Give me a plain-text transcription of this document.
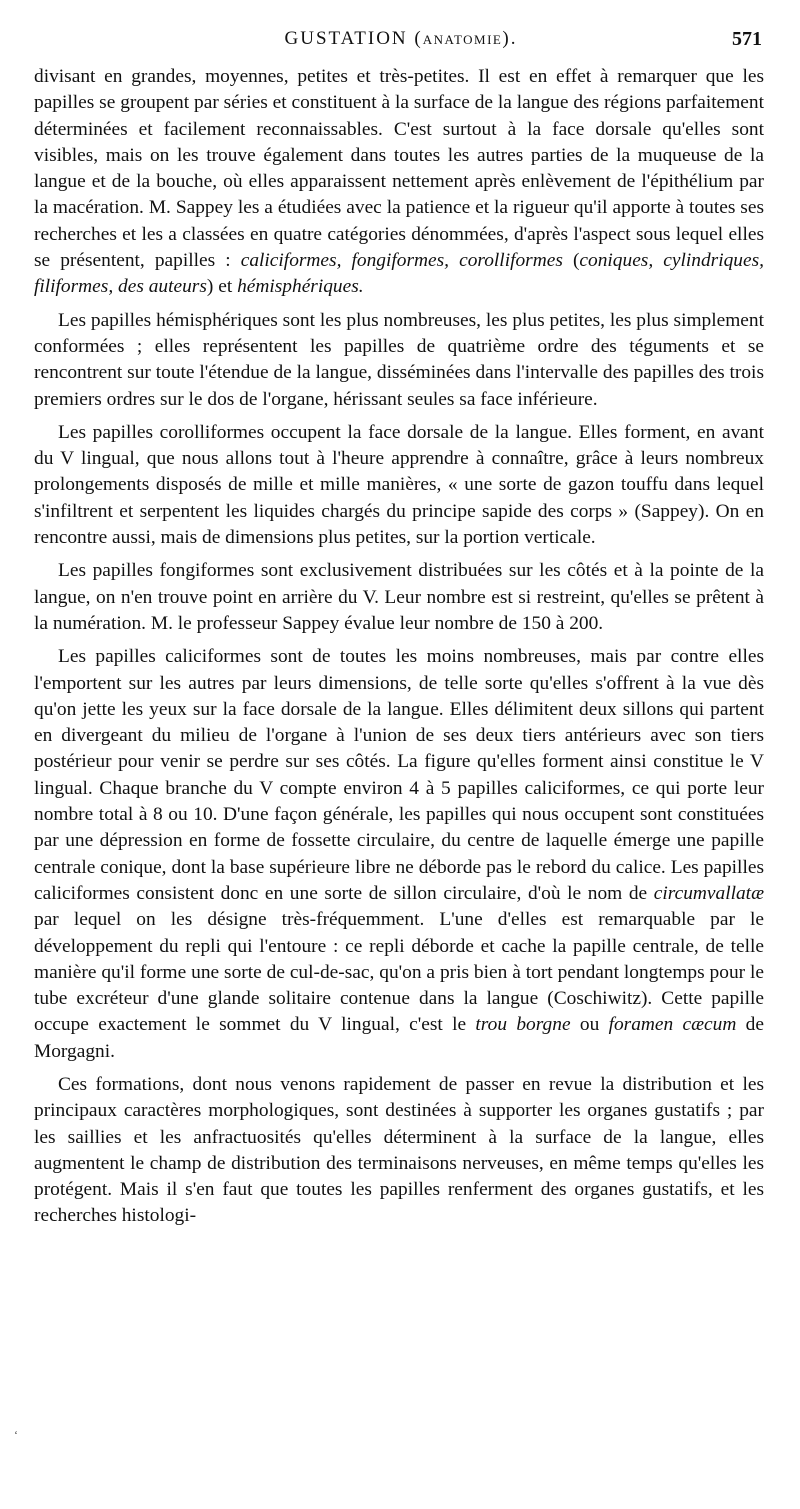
GUSTATION (ANATOMIE).	571

divisant en grandes, moyennes, petites et très-petites. Il est en effet à remarquer que les papilles se groupent par séries et constituent à la surface de la langue des régions parfaitement déterminées et facilement reconnaissables. C'est surtout à la face dorsale qu'elles sont visibles, mais on les trouve également dans toutes les autres parties de la muqueuse de la langue et de la bouche, où elles apparaissent nettement après enlèvement de l'épithélium par la macération. M. Sappey les a étudiées avec la patience et la rigueur qu'il apporte à toutes ses recherches et les a classées en quatre catégories dénommées, d'après l'aspect sous lequel elles se présentent, papilles : caliciformes, fongiformes, corolliformes (coniques, cylindriques, filiformes, des auteurs) et hémisphériques.

Les papilles hémisphériques sont les plus nombreuses, les plus petites, les plus simplement conformées ; elles représentent les papilles de quatrième ordre des téguments et se rencontrent sur toute l'étendue de la langue, disséminées dans l'intervalle des papilles des trois premiers ordres sur le dos de l'organe, hérissant seules sa face inférieure.

Les papilles corolliformes occupent la face dorsale de la langue. Elles forment, en avant du V lingual, que nous allons tout à l'heure apprendre à connaître, grâce à leurs nombreux prolongements disposés de mille et mille manières, « une sorte de gazon touffu dans lequel s'infiltrent et serpentent les liquides chargés du principe sapide des corps » (Sappey). On en rencontre aussi, mais de dimensions plus petites, sur la portion verticale.

Les papilles fongiformes sont exclusivement distribuées sur les côtés et à la pointe de la langue, on n'en trouve point en arrière du V. Leur nombre est si restreint, qu'elles se prêtent à la numération. M. le professeur Sappey évalue leur nombre de 150 à 200.

Les papilles caliciformes sont de toutes les moins nombreuses, mais par contre elles l'emportent sur les autres par leurs dimensions, de telle sorte qu'elles s'offrent à la vue dès qu'on jette les yeux sur la face dorsale de la langue. Elles délimitent deux sillons qui partent en divergeant du milieu de l'organe à l'union de ses deux tiers antérieurs avec son tiers postérieur pour venir se perdre sur ses côtés. La figure qu'elles forment ainsi constitue le V lingual. Chaque branche du V compte environ 4 à 5 papilles caliciformes, ce qui porte leur nombre total à 8 ou 10. D'une façon générale, les papilles qui nous occupent sont constituées par une dépression en forme de fossette circulaire, du centre de laquelle émerge une papille centrale conique, dont la base supérieure libre ne déborde pas le rebord du calice. Les papilles caliciformes consistent donc en une sorte de sillon circulaire, d'où le nom de circumvallatæ par lequel on les désigne très-fréquemment. L'une d'elles est remarquable par le développement du repli qui l'entoure : ce repli déborde et cache la papille centrale, de telle manière qu'il forme une sorte de cul-de-sac, qu'on a pris bien à tort pendant longtemps pour le tube excréteur d'une glande solitaire contenue dans la langue (Coschiwitz). Cette papille occupe exactement le sommet du V lingual, c'est le trou borgne ou foramen cæcum de Morgagni.

Ces formations, dont nous venons rapidement de passer en revue la distribution et les principaux caractères morphologiques, sont destinées à supporter les organes gustatifs ; par les saillies et les anfractuosités qu'elles déterminent à la surface de la langue, elles augmentent le champ de distribution des terminaisons nerveuses, en même temps qu'elles les protégent. Mais il s'en faut que toutes les papilles renferment des organes gustatifs, et les recherches histologi-

‘
